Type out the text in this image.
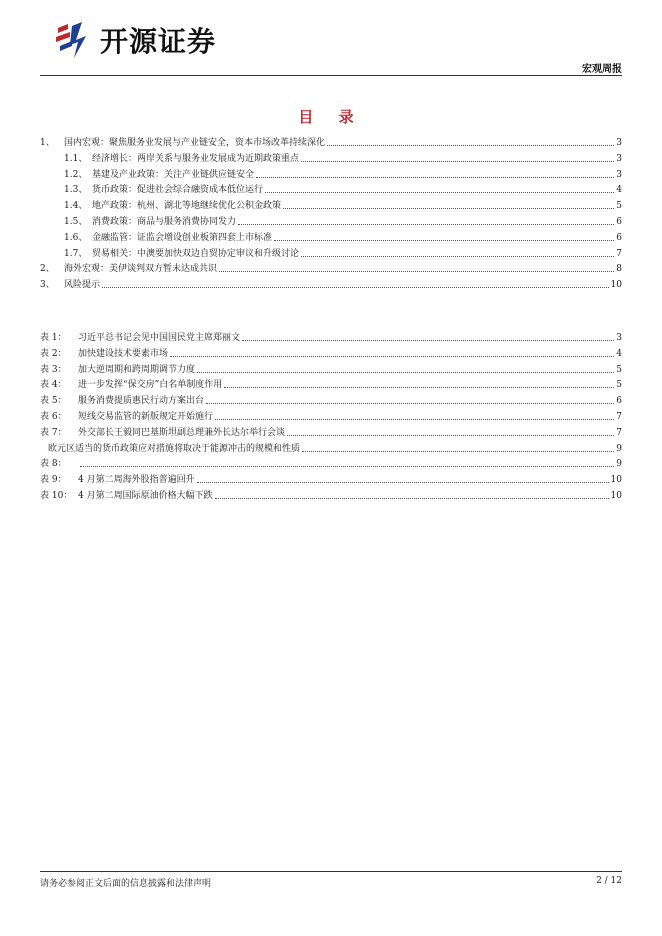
开源证券
宏观周报
目 录
1、	国内宏观：聚焦服务业发展与产业链安全，资本市场改革持续深化	3
1.1、 经济增长：两岸关系与服务业发展成为近期政策重点	3
1.2、 基建及产业政策：关注产业链供应链安全	3
1.3、 货币政策：促进社会综合融资成本低位运行	4
1.4、 地产政策：杭州、湖北等地继续优化公积金政策	5
1.5、 消费政策：商品与服务消费协同发力	6
1.6、 金融监管：证监会增设创业板第四套上市标准	6
1.7、 贸易相关：中澳要加快双边自贸协定审议和升级讨论	7
2、	海外宏观：美伊谈判双方暂未达成共识	8
3、	风险提示	10
表 1：	习近平总书记会见中国国民党主席郑丽文	3
表 2：	加快建设技术要素市场	4
表 3：	加大逆周期和跨周期调节力度	5
表 4：	进一步发挥“保交房”白名单制度作用	5
表 5：	服务消费提质惠民行动方案出台	6
表 6：	短线交易监管的新版规定开始施行	7
表 7：	外交部长王毅同巴基斯坦副总理兼外长达尔举行会谈	7
欧元区适当的货币政策应对措施将取决于能源冲击的规模和性质	9
表 8：	9
表 9：	4 月第二周海外股指普遍回升	10
表 10： 4 月第二周国际原油价格大幅下跌	10
请务必参阅正文后面的信息披露和法律声明	2 / 12
